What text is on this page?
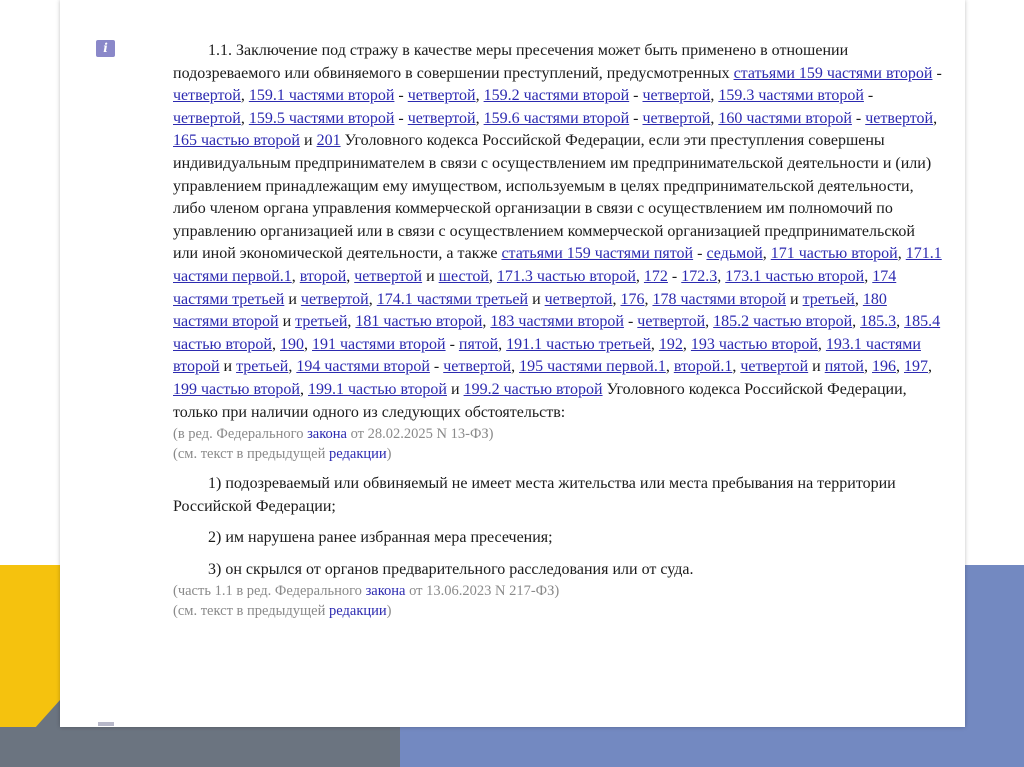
i	1.1. Заключение под стражу в качестве меры пресечения может быть применено в отношении подозреваемого или обвиняемого в совершении преступлений, предусмотренных статьями 159 частями второй - четвертой, 159.1 частями второй - четвертой, 159.2 частями второй - четвертой, 159.3 частями второй - четвертой, 159.5 частями второй - четвертой, 159.6 частями второй - четвертой, 160 частями второй - четвертой, 165 частью второй и 201 Уголовного кодекса Российской Федерации, если эти преступления совершены индивидуальным предпринимателем в связи с осуществлением им предпринимательской деятельности и (или) управлением принадлежащим ему имуществом, используемым в целях предпринимательской деятельности, либо членом органа управления коммерческой организации в связи с осуществлением им полномочий по управлению организацией или в связи с осуществлением коммерческой организацией предпринимательской или иной экономической деятельности, а также статьями 159 частями пятой - седьмой, 171 частью второй, 171.1 частями первой.1, второй, четвертой и шестой, 171.3 частью второй, 172 - 172.3, 173.1 частью второй, 174 частями третьей и четвертой, 174.1 частями третьей и четвертой, 176, 178 частями второй и третьей, 180 частями второй и третьей, 181 частью второй, 183 частями второй - четвертой, 185.2 частью второй, 185.3, 185.4 частью второй, 190, 191 частями второй - пятой, 191.1 частью третьей, 192, 193 частью второй, 193.1 частями второй и третьей, 194 частями второй - четвертой, 195 частями первой.1, второй.1, четвертой и пятой, 196, 197, 199 частью второй, 199.1 частью второй и 199.2 частью второй Уголовного кодекса Российской Федерации, только при наличии одного из следующих обстоятельств:

(в ред. Федерального закона от 28.02.2025 N 13-ФЗ)

(см. текст в предыдущей редакции)

1) подозреваемый или обвиняемый не имеет места жительства или места пребывания на территории Российской Федерации;

2) им нарушена ранее избранная мера пресечения;

3) он скрылся от органов предварительного расследования или от суда.

(часть 1.1 в ред. Федерального закона от 13.06.2023 N 217-ФЗ)

(см. текст в предыдущей редакции)
